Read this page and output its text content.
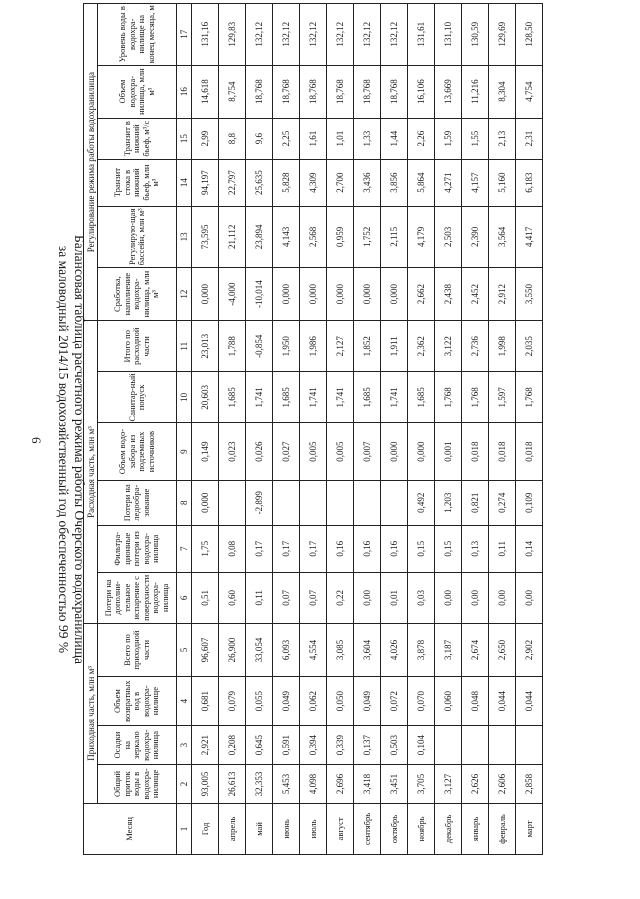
6 Балансовая таблица расчетного режима работы Очерского водохранилища
за маловодный 2014/15 водохозяйственный год обеспеченностью 99 %
Месяц	Приходная часть, млн м³				Расходная часть, млн м³						Регулирование режима работы водохранилища					
	Общий приток воды в водохра-нилище	Осадки на зеркало водохра-нилища	Объем возвратных вод в водохра-нилище	Всего по приходной части	Потери на дополни-тельное испарение с поверхности водохра-нилища	Фильтра-ционные потери из водохра-нилища	Потери на ледообра-зование	Объем водо-забора из подземных источников	Санитар-ный попуск	Итого по расходной части	Сработка, наполнение водохра-нилища, млн м³	Регулирую-щая бассейн, млн м³	Транзит стока в нижний бьеф, млн м³	Транзит в нижний бьеф, м³/с	Объем водохра-нилища, млн м³	Уровень воды в водохра-нилище на конец месяца, м
1	2	3	4	5	6	7	8	9	10	11	12	13	14	15	16	17
Год	93,005	2,921	0,681	96,607	0,51	1,75	0,000	0,149	20,603	23,013	0,000	73,595	94,197	2,99	14,618	131,16
апрель	26,613	0,208	0,079	26,900	0,60	0,08		0,023	1,685	1,788	-4,000	21,112	22,797	8,8	8,754	129,83
май	32,353	0,645	0,055	33,054	0,11	0,17	-2,899	0,026	1,741	-0,854	-10,014	23,894	25,635	9,6	18,768	132,12
июнь	5,453	0,591	0,049	6,093	0,07	0,17		0,027	1,685	1,950	0,000	4,143	5,828	2,25	18,768	132,12
июль	4,098	0,394	0,062	4,554	0,07	0,17		0,005	1,741	1,986	0,000	2,568	4,309	1,61	18,768	132,12
август	2,696	0,339	0,050	3,085	0,22	0,16		0,005	1,741	2,127	0,000	0,959	2,700	1,01	18,768	132,12
сентябрь	3,418	0,137	0,049	3,604	0,00	0,16		0,007	1,685	1,852	0,000	1,752	3,436	1,33	18,768	132,12
октябрь	3,451	0,503	0,072	4,026	0,01	0,16		0,000	1,741	1,911	0,000	2,115	3,856	1,44	18,768	132,12
ноябрь	3,705	0,104	0,070	3,878	0,03	0,15	0,492	0,000	1,685	2,362	2,662	4,179	5,864	2,26	16,106	131,61
декабрь	3,127		0,060	3,187	0,00	0,15	1,203	0,001	1,768	3,122	2,438	2,503	4,271	1,59	13,669	131,10
январь	2,626		0,048	2,674	0,00	0,13	0,821	0,018	1,768	2,736	2,452	2,390	4,157	1,55	11,216	130,59
февраль	2,606		0,044	2,650	0,00	0,11	0,274	0,018	1,597	1,998	2,912	3,564	5,160	2,13	8,304	129,69
март	2,858		0,044	2,902	0,00	0,14	0,109	0,018	1,768	2,035	3,550	4,417	6,183	2,31	4,754	128,50
